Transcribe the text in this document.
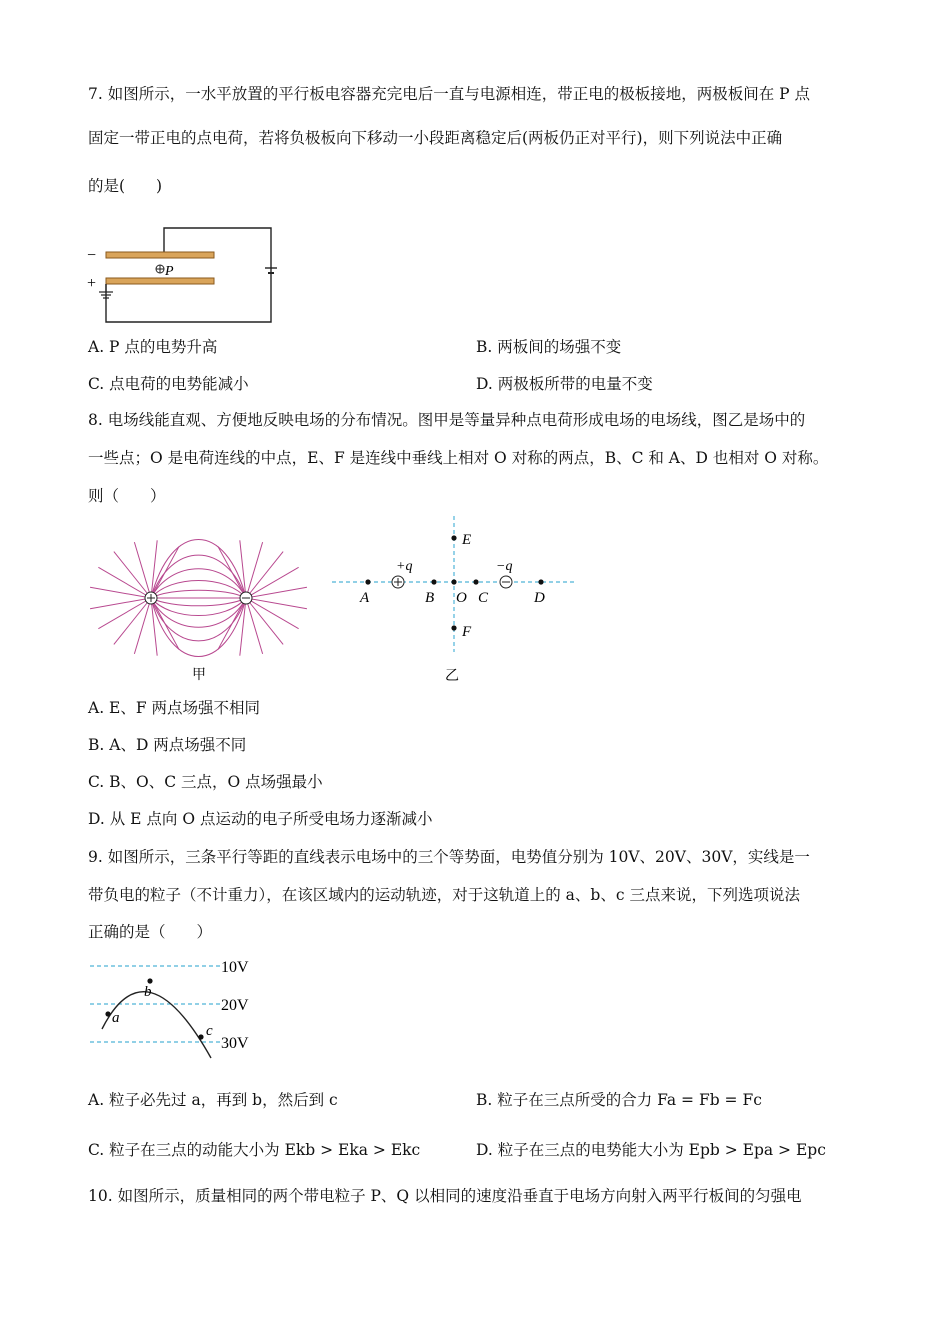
7. 如图所示，一水平放置的平行板电容器充完电后一直与电源相连，带正电的极板接地，两极板间在 P 点
固定一带正电的点电荷，若将负极板向下移动一小段距离稳定后(两板仍正对平行)，则下列说法中正确
的是(　　)
P
−
+
A. P 点的电势升高	B. 两板间的场强不变
C. 点电荷的电势能减小	D. 两极板所带的电量不变
8. 电场线能直观、方便地反映电场的分布情况。图甲是等量异种点电荷形成电场的电场线，图乙是场中的
一些点；O 是电荷连线的中点，E、F 是连线中垂线上相对 O 对称的两点，B、C 和 A、D 也相对 O 对称。
则（　　）
甲
+q	−q
A	B O C	D
E
F
乙
A. E、F 两点场强不相同
B. A、D 两点场强不同
C. B、O、C 三点，O 点场强最小
D. 从 E 点向 O 点运动的电子所受电场力逐渐减小
9. 如图所示，三条平行等距的直线表示电场中的三个等势面，电势值分别为 10V、20V、30V，实线是一
带负电的粒子（不计重力），在该区域内的运动轨迹，对于这轨道上的 a、b、c 三点来说，下列选项说法
正确的是（　　）
a
b
c
10V
20V
30V
A. 粒子必先过 a，再到 b，然后到 c	B. 粒子在三点所受的合力 Fa = Fb = Fc
C. 粒子在三点的动能大小为 Ekb > Eka > Ekc	D. 粒子在三点的电势能大小为 Epb > Epa > Epc
10. 如图所示，质量相同的两个带电粒子 P、Q 以相同的速度沿垂直于电场方向射入两平行板间的匀强电
